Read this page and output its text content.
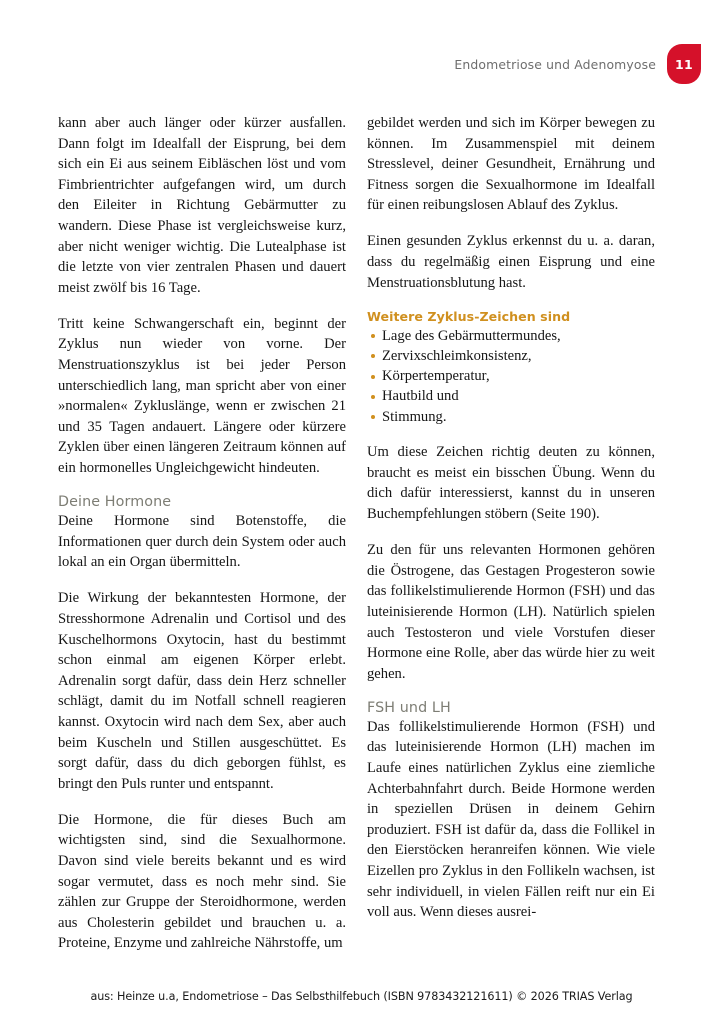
Endometriose und Adenomyose	11

kann aber auch länger oder kürzer ausfallen. Dann folgt im Idealfall der Eisprung, bei dem sich ein Ei aus seinem Eibläschen löst und vom Fimbrientrichter aufgefangen wird, um durch den Eileiter in Richtung Gebärmutter zu wandern. Diese Phase ist vergleichsweise kurz, aber nicht weniger wichtig. Die Lutealphase ist die letzte von vier zentralen Phasen und dauert meist zwölf bis 16 Tage.

Tritt keine Schwangerschaft ein, beginnt der Zyklus nun wieder von vorne. Der Menstruationszyklus ist bei jeder Person unterschiedlich lang, man spricht aber von einer »normalen« Zykluslänge, wenn er zwischen 21 und 35 Tagen andauert. Längere oder kürzere Zyklen über einen längeren Zeitraum können auf ein hormonelles Ungleichgewicht hindeuten.

Deine Hormone

Deine Hormone sind Botenstoffe, die Informationen quer durch dein System oder auch lokal an ein Organ übermitteln.

Die Wirkung der bekanntesten Hormone, der Stresshormone Adrenalin und Cortisol und des Kuschelhormons Oxytocin, hast du bestimmt schon einmal am eigenen Körper erlebt. Adrenalin sorgt dafür, dass dein Herz schneller schlägt, damit du im Notfall schnell reagieren kannst. Oxytocin wird nach dem Sex, aber auch beim Kuscheln und Stillen ausgeschüttet. Es sorgt dafür, dass du dich geborgen fühlst, es bringt den Puls runter und entspannt.

Die Hormone, die für dieses Buch am wichtigsten sind, sind die Sexualhormone. Davon sind viele bereits bekannt und es wird sogar vermutet, dass es noch mehr sind. Sie zählen zur Gruppe der Steroidhormone, werden aus Cholesterin gebildet und brauchen u. a. Proteine, Enzyme und zahlreiche Nährstoffe, um

gebildet werden und sich im Körper bewegen zu können. Im Zusammenspiel mit deinem Stresslevel, deiner Gesundheit, Ernährung und Fitness sorgen die Sexualhormone im Idealfall für einen reibungslosen Ablauf des Zyklus.

Einen gesunden Zyklus erkennst du u. a. daran, dass du regelmäßig einen Eisprung und eine Menstruationsblutung hast.

Weitere Zyklus-Zeichen sind
Lage des Gebärmuttermundes,
Zervixschleimkonsistenz,
Körpertemperatur,
Hautbild und
Stimmung.

Um diese Zeichen richtig deuten zu können, braucht es meist ein bisschen Übung. Wenn du dich dafür interessierst, kannst du in unseren Buchempfehlungen stöbern (Seite 190).

Zu den für uns relevanten Hormonen gehören die Östrogene, das Gestagen Progesteron sowie das follikelstimulierende Hormon (FSH) und das luteinisierende Hormon (LH). Natürlich spielen auch Testosteron und viele Vorstufen dieser Hormone eine Rolle, aber das würde hier zu weit gehen.

FSH und LH

Das follikelstimulierende Hormon (FSH) und das luteinisierende Hormon (LH) machen im Laufe eines natürlichen Zyklus eine ziemliche Achterbahnfahrt durch. Beide Hormone werden in speziellen Drüsen in deinem Gehirn produziert. FSH ist dafür da, dass die Follikel in den Eierstöcken heranreifen können. Wie viele Eizellen pro Zyklus in den Follikeln wachsen, ist sehr individuell, in vielen Fällen reift nur ein Ei voll aus. Wenn dieses ausrei-

aus: Heinze u.a, Endometriose – Das Selbsthilfebuch (ISBN 9783432121611) © 2026 TRIAS Verlag
